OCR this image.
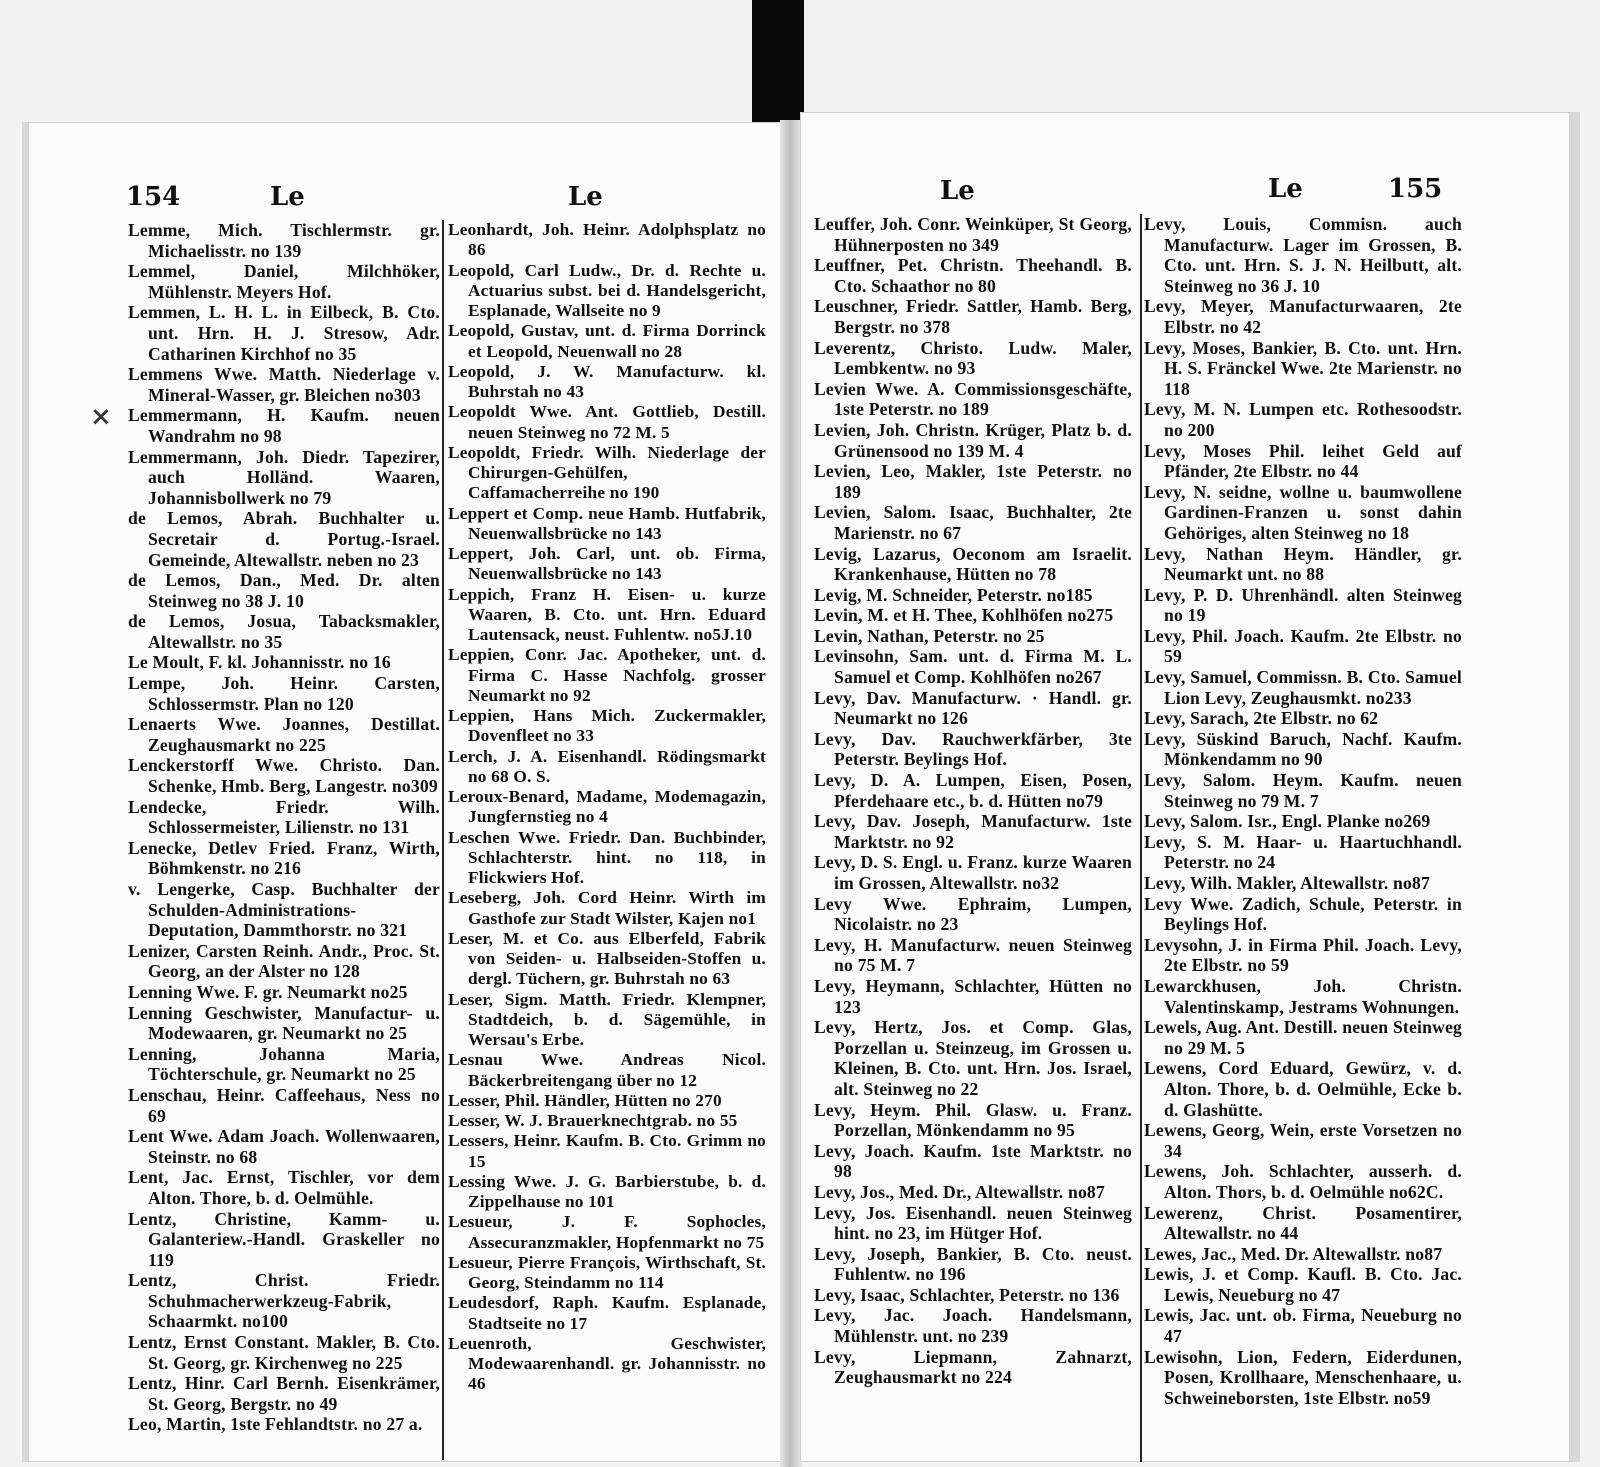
154	Le	Le
Lemme, Mich. Tischlermstr. gr. Michaelisstr. no 139
Lemmel, Daniel, Milchhöker, Mühlenstr. Meyers Hof.
Lemmen, L. H. L. in Eilbeck, B. Cto. unt. Hrn. H. J. Stresow, Adr. Catharinen Kirchhof no 35
Lemmens Wwe. Matth. Niederlage v. Mineral-Wasser, gr. Bleichen no303
Lemmermann, H. Kaufm. neuen Wandrahm no 98
Lemmermann, Joh. Diedr. Tapezirer, auch Holländ. Waaren, Johannisbollwerk no 79
de Lemos, Abrah. Buchhalter u. Secretair d. Portug.-Israel. Gemeinde, Altewallstr. neben no 23
de Lemos, Dan., Med. Dr. alten Steinweg no 38 J. 10
de Lemos, Josua, Tabacksmakler, Altewallstr. no 35
Le Moult, F. kl. Johannisstr. no 16
Lempe, Joh. Heinr. Carsten, Schlossermstr. Plan no 120
Lenaerts Wwe. Joannes, Destillat. Zeughausmarkt no 225
Lenckerstorff Wwe. Christo. Dan. Schenke, Hmb. Berg, Langestr. no309
Lendecke, Friedr. Wilh. Schlossermeister, Lilienstr. no 131
Lenecke, Detlev Fried. Franz, Wirth, Böhmkenstr. no 216
v. Lengerke, Casp. Buchhalter der Schulden-Administrations-Deputation, Dammthorstr. no 321
Lenizer, Carsten Reinh. Andr., Proc. St. Georg, an der Alster no 128
Lenning Wwe. F. gr. Neumarkt no25
Lenning Geschwister, Manufactur- u. Modewaaren, gr. Neumarkt no 25
Lenning, Johanna Maria, Töchterschule, gr. Neumarkt no 25
Lenschau, Heinr. Caffeehaus, Ness no 69
Lent Wwe. Adam Joach. Wollenwaaren, Steinstr. no 68
Lent, Jac. Ernst, Tischler, vor dem Alton. Thore, b. d. Oelmühle.
Lentz, Christine, Kamm- u. Galanteriew.-Handl. Graskeller no 119
Lentz, Christ. Friedr. Schuhmacherwerkzeug-Fabrik, Schaarmkt. no100
Lentz, Ernst Constant. Makler, B. Cto. St. Georg, gr. Kirchenweg no 225
Lentz, Hinr. Carl Bernh. Eisenkrämer, St. Georg, Bergstr. no 49
Leo, Martin, 1ste Fehlandtstr. no 27 a.
Leonhardt, Joh. Heinr. Adolphsplatz no 86
Leopold, Carl Ludw., Dr. d. Rechte u. Actuarius subst. bei d. Handelsgericht, Esplanade, Wallseite no 9
Leopold, Gustav, unt. d. Firma Dorrinck et Leopold, Neuenwall no 28
Leopold, J. W. Manufacturw. kl. Buhrstah no 43
Leopoldt Wwe. Ant. Gottlieb, Destill. neuen Steinweg no 72 M. 5
Leopoldt, Friedr. Wilh. Niederlage der Chirurgen-Gehülfen, Caffamacherreihe no 190
Leppert et Comp. neue Hamb. Hutfabrik, Neuenwallsbrücke no 143
Leppert, Joh. Carl, unt. ob. Firma, Neuenwallsbrücke no 143
Leppich, Franz H. Eisen- u. kurze Waaren, B. Cto. unt. Hrn. Eduard Lautensack, neust. Fuhlentw. no5J.10
Leppien, Conr. Jac. Apotheker, unt. d. Firma C. Hasse Nachfolg. grosser Neumarkt no 92
Leppien, Hans Mich. Zuckermakler, Dovenfleet no 33
Lerch, J. A. Eisenhandl. Rödingsmarkt no 68 O. S.
Leroux-Benard, Madame, Modemagazin, Jungfernstieg no 4
Leschen Wwe. Friedr. Dan. Buchbinder, Schlachterstr. hint. no 118, in Flickwiers Hof.
Leseberg, Joh. Cord Heinr. Wirth im Gasthofe zur Stadt Wilster, Kajen no1
Leser, M. et Co. aus Elberfeld, Fabrik von Seiden- u. Halbseiden-Stoffen u. dergl. Tüchern, gr. Buhrstah no 63
Leser, Sigm. Matth. Friedr. Klempner, Stadtdeich, b. d. Sägemühle, in Wersau's Erbe.
Lesnau Wwe. Andreas Nicol. Bäckerbreitengang über no 12
Lesser, Phil. Händler, Hütten no 270
Lesser, W. J. Brauerknechtgrab. no 55
Lessers, Heinr. Kaufm. B. Cto. Grimm no 15
Lessing Wwe. J. G. Barbierstube, b. d. Zippelhause no 101
Lesueur, J. F. Sophocles, Assecuranzmakler, Hopfenmarkt no 75
Lesueur, Pierre François, Wirthschaft, St. Georg, Steindamm no 114
Leudesdorf, Raph. Kaufm. Esplanade, Stadtseite no 17
Leuenroth, Geschwister, Modewaarenhandl. gr. Johannisstr. no 46
×
Le	Le	155
Leuffer, Joh. Conr. Weinküper, St Georg, Hühnerposten no 349
Leuffner, Pet. Christn. Theehandl. B. Cto. Schaathor no 80
Leuschner, Friedr. Sattler, Hamb. Berg, Bergstr. no 378
Leverentz, Christo. Ludw. Maler, Lembkentw. no 93
Levien Wwe. A. Commissionsgeschäfte, 1ste Peterstr. no 189
Levien, Joh. Christn. Krüger, Platz b. d. Grünensood no 139 M. 4
Levien, Leo, Makler, 1ste Peterstr. no 189
Levien, Salom. Isaac, Buchhalter, 2te Marienstr. no 67
Levig, Lazarus, Oeconom am Israelit. Krankenhause, Hütten no 78
Levig, M. Schneider, Peterstr. no185
Levin, M. et H. Thee, Kohlhöfen no275
Levin, Nathan, Peterstr. no 25
Levinsohn, Sam. unt. d. Firma M. L. Samuel et Comp. Kohlhöfen no267
Levy, Dav. Manufacturw. · Handl. gr. Neumarkt no 126
Levy, Dav. Rauchwerkfärber, 3te Peterstr. Beylings Hof.
Levy, D. A. Lumpen, Eisen, Posen, Pferdehaare etc., b. d. Hütten no79
Levy, Dav. Joseph, Manufacturw. 1ste Marktstr. no 92
Levy, D. S. Engl. u. Franz. kurze Waaren im Grossen, Altewallstr. no32
Levy Wwe. Ephraim, Lumpen, Nicolaistr. no 23
Levy, H. Manufacturw. neuen Steinweg no 75 M. 7
Levy, Heymann, Schlachter, Hütten no 123
Levy, Hertz, Jos. et Comp. Glas, Porzellan u. Steinzeug, im Grossen u. Kleinen, B. Cto. unt. Hrn. Jos. Israel, alt. Steinweg no 22
Levy, Heym. Phil. Glasw. u. Franz. Porzellan, Mönkendamm no 95
Levy, Joach. Kaufm. 1ste Marktstr. no 98
Levy, Jos., Med. Dr., Altewallstr. no87
Levy, Jos. Eisenhandl. neuen Steinweg hint. no 23, im Hütger Hof.
Levy, Joseph, Bankier, B. Cto. neust. Fuhlentw. no 196
Levy, Isaac, Schlachter, Peterstr. no 136
Levy, Jac. Joach. Handelsmann, Mühlenstr. unt. no 239
Levy, Liepmann, Zahnarzt, Zeughausmarkt no 224
Levy, Louis, Commisn. auch Manufacturw. Lager im Grossen, B. Cto. unt. Hrn. S. J. N. Heilbutt, alt. Steinweg no 36 J. 10
Levy, Meyer, Manufacturwaaren, 2te Elbstr. no 42
Levy, Moses, Bankier, B. Cto. unt. Hrn. H. S. Fränckel Wwe. 2te Marienstr. no 118
Levy, M. N. Lumpen etc. Rothesoodstr. no 200
Levy, Moses Phil. leihet Geld auf Pfänder, 2te Elbstr. no 44
Levy, N. seidne, wollne u. baumwollene Gardinen-Franzen u. sonst dahin Gehöriges, alten Steinweg no 18
Levy, Nathan Heym. Händler, gr. Neumarkt unt. no 88
Levy, P. D. Uhrenhändl. alten Steinweg no 19
Levy, Phil. Joach. Kaufm. 2te Elbstr. no 59
Levy, Samuel, Commissn. B. Cto. Samuel Lion Levy, Zeughausmkt. no233
Levy, Sarach, 2te Elbstr. no 62
Levy, Süskind Baruch, Nachf. Kaufm. Mönkendamm no 90
Levy, Salom. Heym. Kaufm. neuen Steinweg no 79 M. 7
Levy, Salom. Isr., Engl. Planke no269
Levy, S. M. Haar- u. Haartuchhandl. Peterstr. no 24
Levy, Wilh. Makler, Altewallstr. no87
Levy Wwe. Zadich, Schule, Peterstr. in Beylings Hof.
Levysohn, J. in Firma Phil. Joach. Levy, 2te Elbstr. no 59
Lewarckhusen, Joh. Christn. Valentinskamp, Jestrams Wohnungen.
Lewels, Aug. Ant. Destill. neuen Steinweg no 29 M. 5
Lewens, Cord Eduard, Gewürz, v. d. Alton. Thore, b. d. Oelmühle, Ecke b. d. Glashütte.
Lewens, Georg, Wein, erste Vorsetzen no 34
Lewens, Joh. Schlachter, ausserh. d. Alton. Thors, b. d. Oelmühle no62C.
Lewerenz, Christ. Posamentirer, Altewallstr. no 44
Lewes, Jac., Med. Dr. Altewallstr. no87
Lewis, J. et Comp. Kaufl. B. Cto. Jac. Lewis, Neueburg no 47
Lewis, Jac. unt. ob. Firma, Neueburg no 47
Lewisohn, Lion, Federn, Eiderdunen, Posen, Krollhaare, Menschenhaare, u. Schweineborsten, 1ste Elbstr. no59
